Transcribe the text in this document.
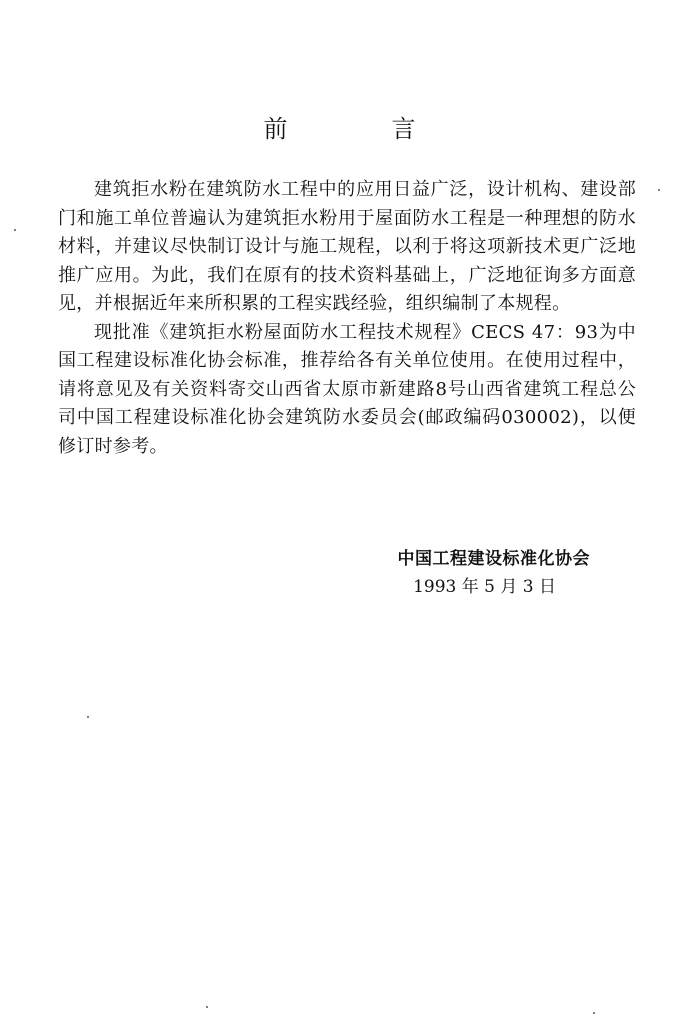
前　言

建筑拒水粉在建筑防水工程中的应用日益广泛，设计机构、建设部门和施工单位普遍认为建筑拒水粉用于屋面防水工程是一种理想的防水材料，并建议尽快制订设计与施工规程，以利于将这项新技术更广泛地推广应用。为此，我们在原有的技术资料基础上，广泛地征询多方面意见，并根据近年来所积累的工程实践经验，组织编制了本规程。

现批准《建筑拒水粉屋面防水工程技术规程》CECS 47：93为中国工程建设标准化协会标准，推荐给各有关单位使用。在使用过程中，请将意见及有关资料寄交山西省太原市新建路8号山西省建筑工程总公司中国工程建设标准化协会建筑防水委员会(邮政编码030002)，以便修订时参考。

中国工程建设标准化协会
1993 年 5 月 3 日
